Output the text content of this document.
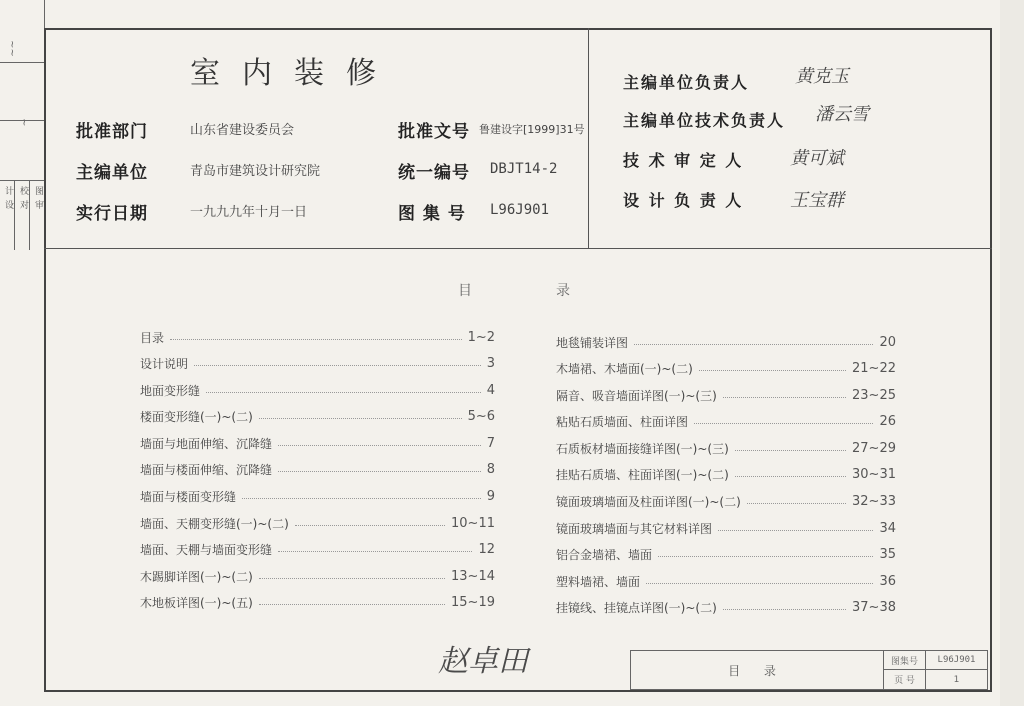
~~
~
图
审
校
对
计
设
室内装修
批准部门	山东省建设委员会
主编单位	青岛市建筑设计研究院
实行日期	一九九九年十月一日
批准文号 鲁建设字[1999]31号
统一编号 DBJT14-2
图 集 号 L96J901
主编单位负责人	黄克玉
主编单位技术负责人 潘云雪
技 术 审 定 人	黄可斌
设 计 负 责 人	王宝群
目	录
目录	1~2
设计说明	3
地面变形缝	4
楼面变形缝(一)~(二)	5~6
墙面与地面伸缩、沉降缝	7
墙面与楼面伸缩、沉降缝	8
墙面与楼面变形缝	9
墙面、天棚变形缝(一)~(二)	10~11
墙面、天棚与墙面变形缝	12
木踢脚详图(一)~(二)	13~14
木地板详图(一)~(五)	15~19
地毯铺装详图	20
木墙裙、木墙面(一)~(二)	21~22
隔音、吸音墙面详图(一)~(三)	23~25
粘贴石质墙面、柱面详图	26
石质板材墙面接缝详图(一)~(三)	27~29
挂贴石质墙、柱面详图(一)~(二)	30~31
镜面玻璃墙面及柱面详图(一)~(二)	32~33
镜面玻璃墙面与其它材料详图	34
铝合金墙裙、墙面	35
塑料墙裙、墙面	36
挂镜线、挂镜点详图(一)~(二)	37~38
赵卓田	目 录
图集号	L96J901
页 号	1
